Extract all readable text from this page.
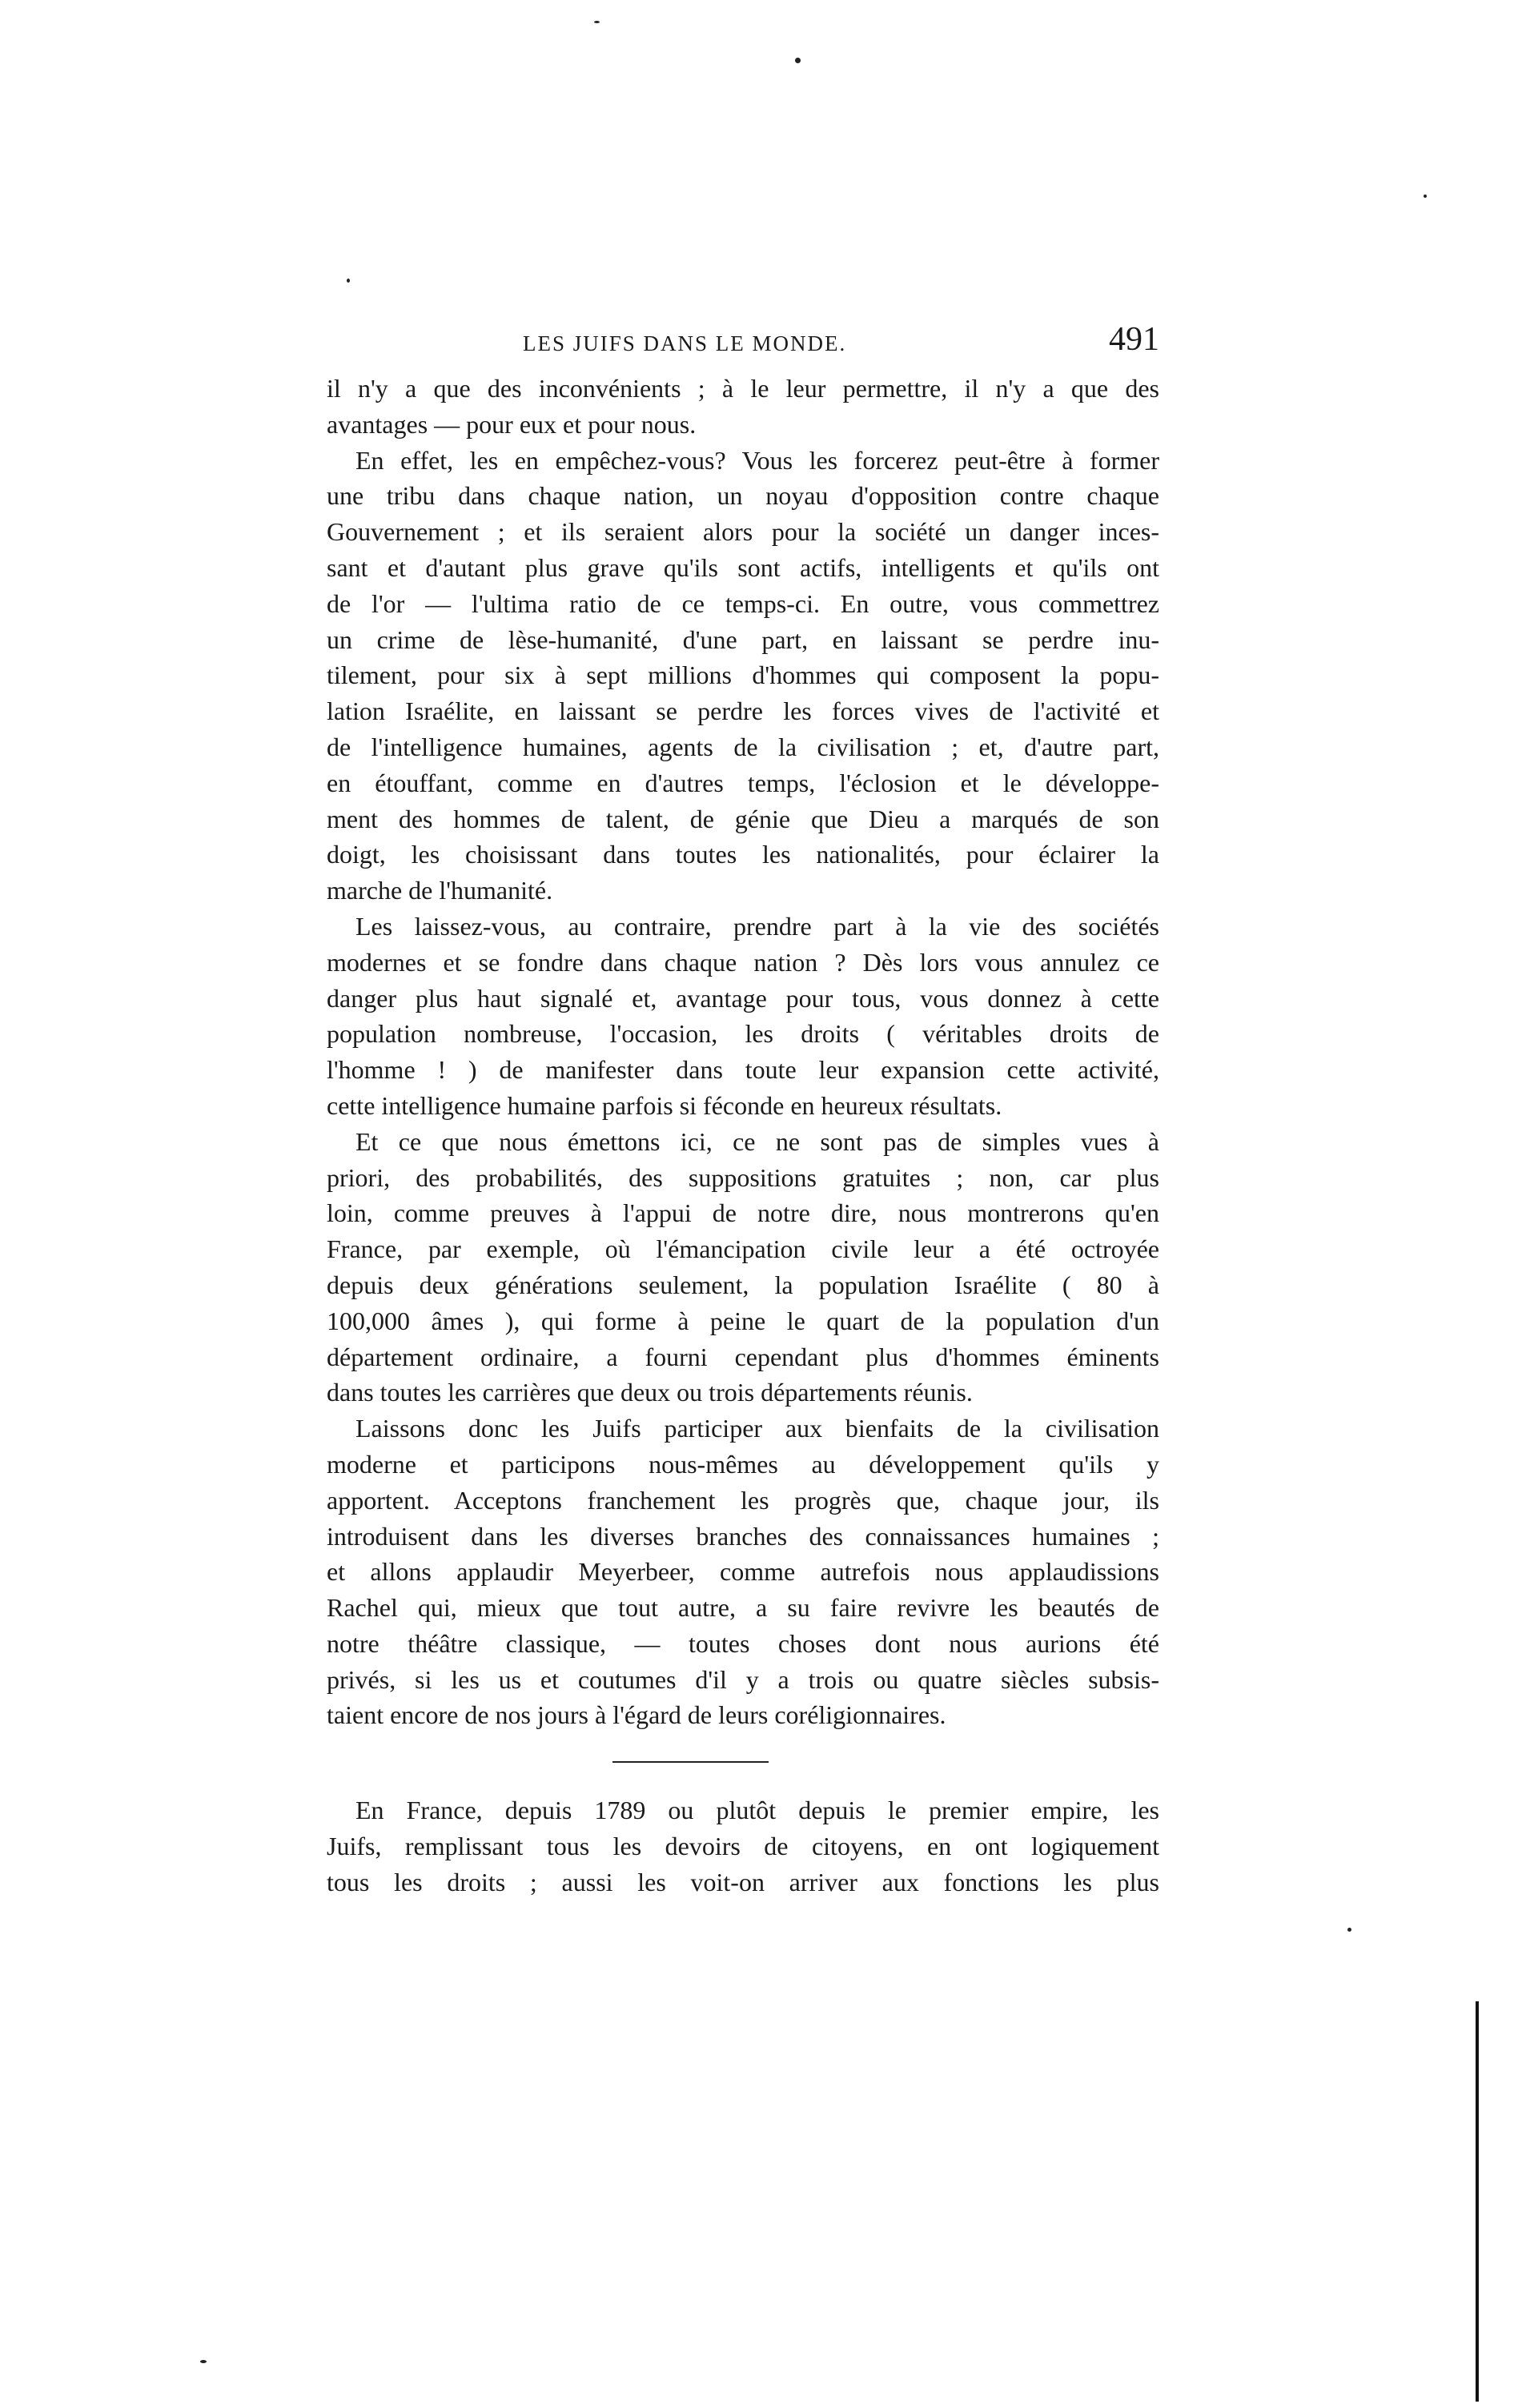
LES JUIFS DANS LE MONDE.	491
il n'y a que des inconvénients ; à le leur permettre, il n'y a que des
avantages — pour eux et pour nous.
En effet, les en empêchez-vous? Vous les forcerez peut-être à former
une tribu dans chaque nation, un noyau d'opposition contre chaque
Gouvernement ; et ils seraient alors pour la société un danger inces-
sant et d'autant plus grave qu'ils sont actifs, intelligents et qu'ils ont
de l'or — l'ultima ratio de ce temps-ci. En outre, vous commettrez
un crime de lèse-humanité, d'une part, en laissant se perdre inu-
tilement, pour six à sept millions d'hommes qui composent la popu-
lation Israélite, en laissant se perdre les forces vives de l'activité et
de l'intelligence humaines, agents de la civilisation ; et, d'autre part,
en étouffant, comme en d'autres temps, l'éclosion et le développe-
ment des hommes de talent, de génie que Dieu a marqués de son
doigt, les choisissant dans toutes les nationalités, pour éclairer la
marche de l'humanité.
Les laissez-vous, au contraire, prendre part à la vie des sociétés
modernes et se fondre dans chaque nation ? Dès lors vous annulez ce
danger plus haut signalé et, avantage pour tous, vous donnez à cette
population nombreuse, l'occasion, les droits ( véritables droits de
l'homme ! ) de manifester dans toute leur expansion cette activité,
cette intelligence humaine parfois si féconde en heureux résultats.
Et ce que nous émettons ici, ce ne sont pas de simples vues à
priori, des probabilités, des suppositions gratuites ; non, car plus
loin, comme preuves à l'appui de notre dire, nous montrerons qu'en
France, par exemple, où l'émancipation civile leur a été octroyée
depuis deux générations seulement, la population Israélite ( 80 à
100,000 âmes ), qui forme à peine le quart de la population d'un
département ordinaire, a fourni cependant plus d'hommes éminents
dans toutes les carrières que deux ou trois départements réunis.
Laissons donc les Juifs participer aux bienfaits de la civilisation
moderne et participons nous-mêmes au développement qu'ils y
apportent. Acceptons franchement les progrès que, chaque jour, ils
introduisent dans les diverses branches des connaissances humaines ;
et allons applaudir Meyerbeer, comme autrefois nous applaudissions
Rachel qui, mieux que tout autre, a su faire revivre les beautés de
notre théâtre classique, — toutes choses dont nous aurions été
privés, si les us et coutumes d'il y a trois ou quatre siècles subsis-
taient encore de nos jours à l'égard de leurs coréligionnaires.
En France, depuis 1789 ou plutôt depuis le premier empire, les
Juifs, remplissant tous les devoirs de citoyens, en ont logiquement
tous les droits ; aussi les voit-on arriver aux fonctions les plus
